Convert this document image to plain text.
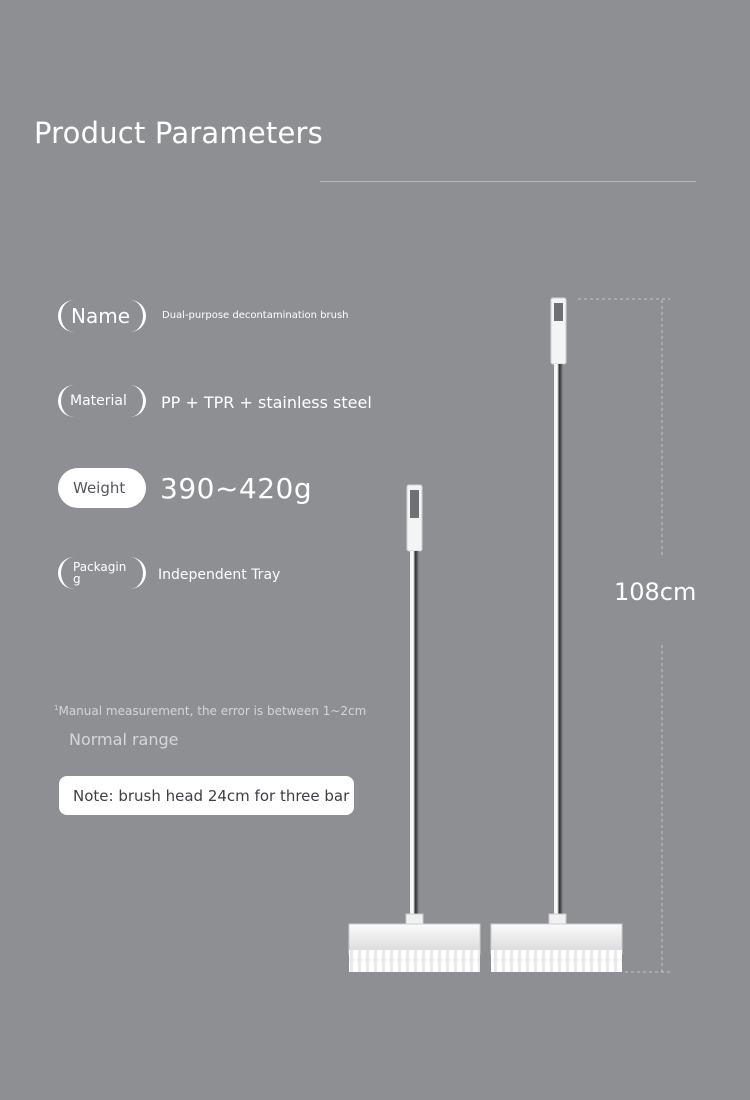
Product Parameters
Name	Dual-purpose decontamination brush
Material PP + TPR + stainless steel
Weight 390~420g
Packagin
g	Independent Tray
$^1$Manual measurement, the error is between 1~2cm
Normal range
Note: brush head 24cm for three bar
108cm
